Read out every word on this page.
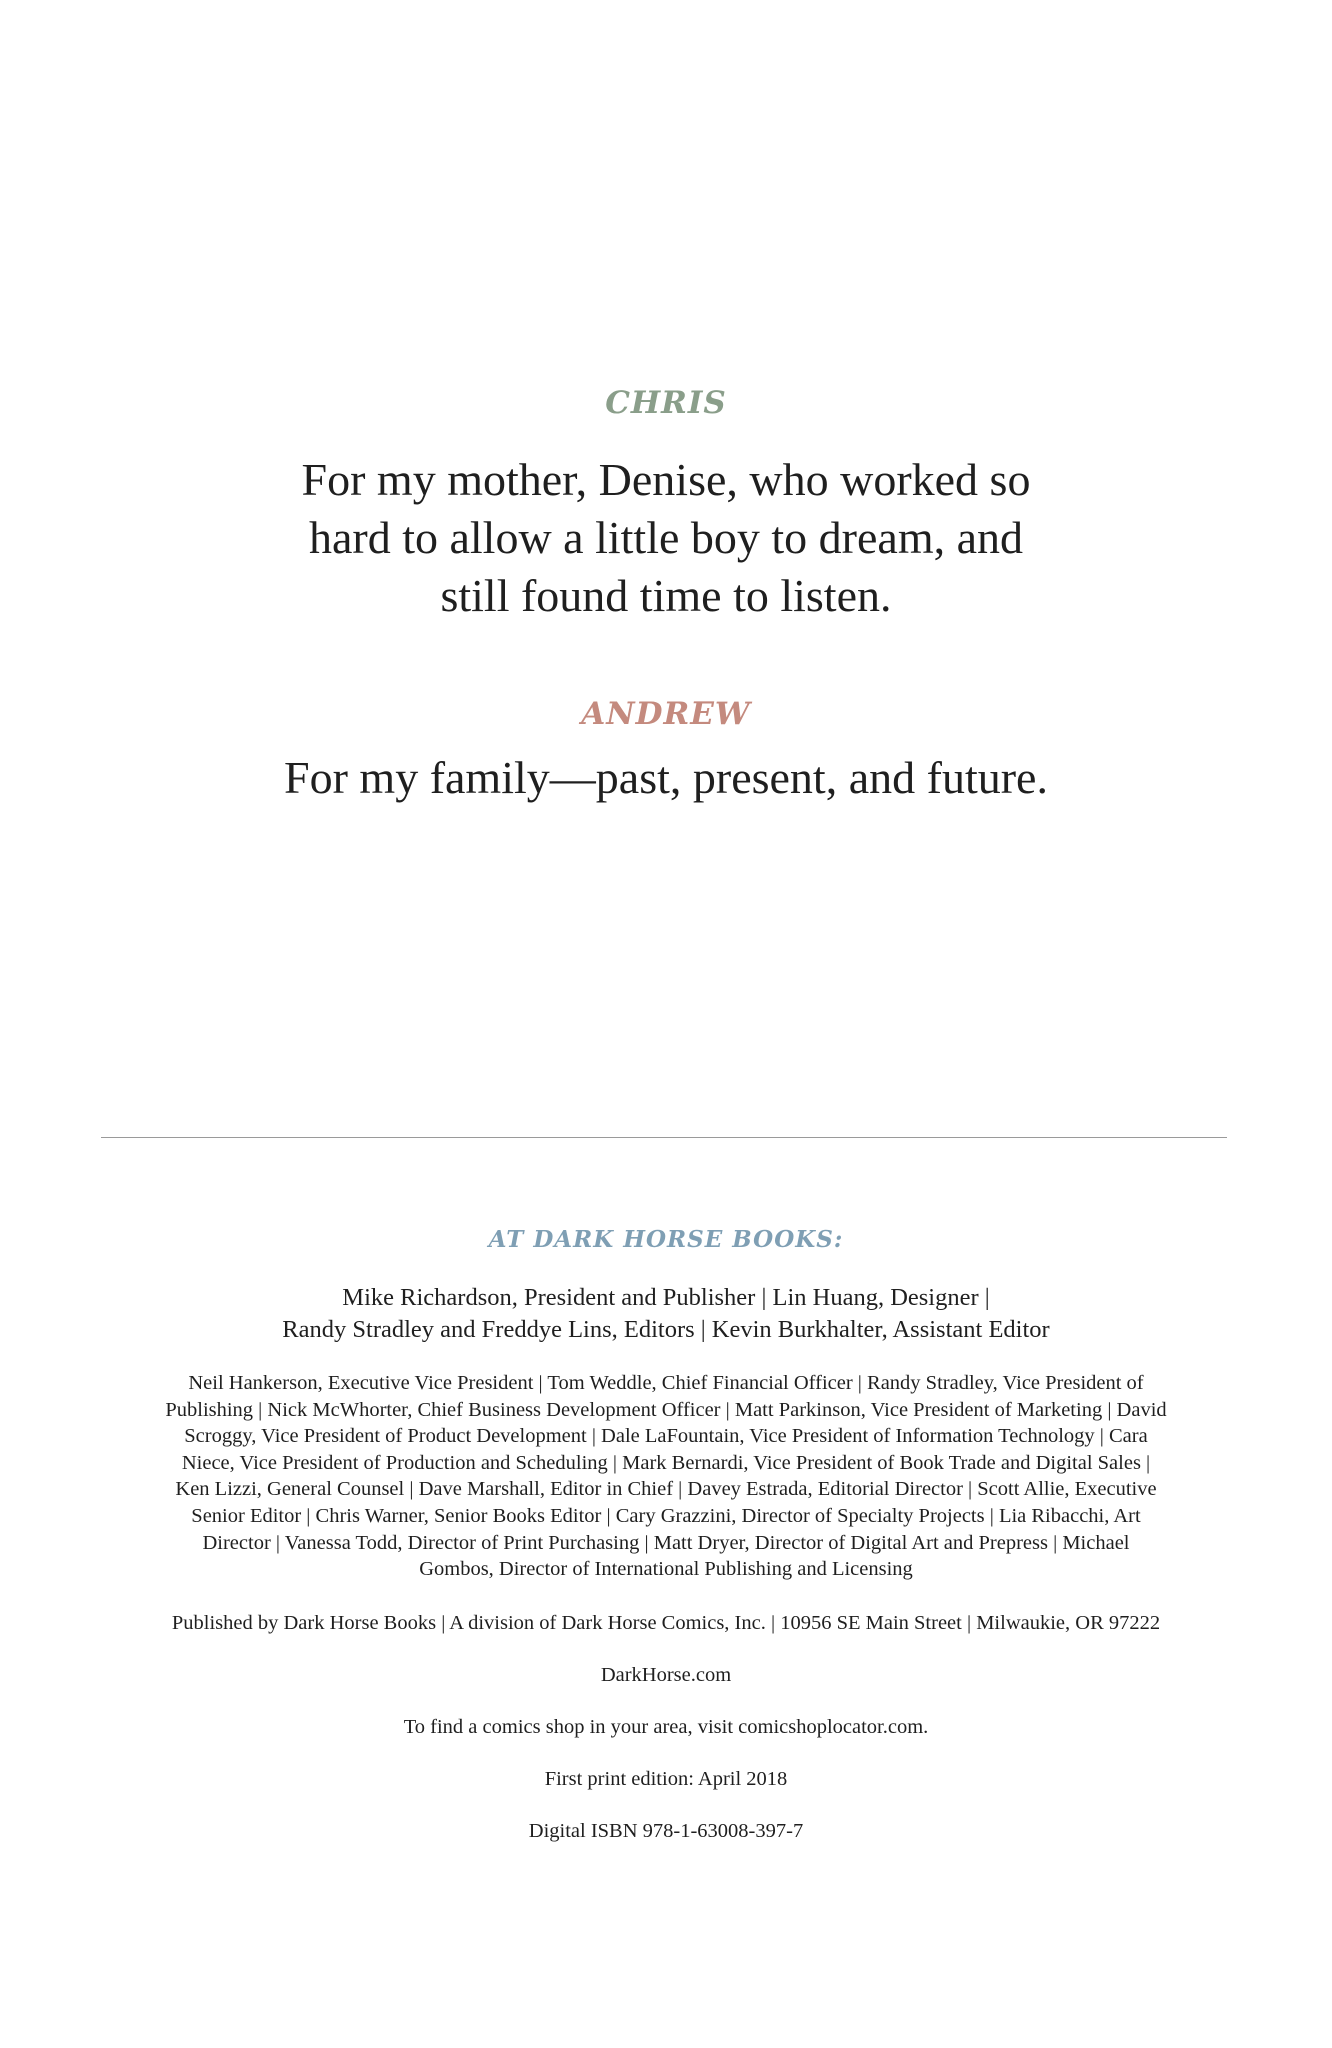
CHRIS
For my mother, Denise, who worked so
hard to allow a little boy to dream, and
still found time to listen.
ANDREW
For my family—past, present, and future.
AT DARK HORSE BOOKS:
Mike Richardson, President and Publisher | Lin Huang, Designer |
Randy Stradley and Freddye Lins, Editors | Kevin Burkhalter, Assistant Editor
Neil Hankerson, Executive Vice President | Tom Weddle, Chief Financial Officer | Randy Stradley, Vice President of
Publishing | Nick McWhorter, Chief Business Development Officer | Matt Parkinson, Vice President of Marketing | David
Scroggy, Vice President of Product Development | Dale LaFountain, Vice President of Information Technology | Cara
Niece, Vice President of Production and Scheduling | Mark Bernardi, Vice President of Book Trade and Digital Sales |
Ken Lizzi, General Counsel | Dave Marshall, Editor in Chief | Davey Estrada, Editorial Director | Scott Allie, Executive
Senior Editor | Chris Warner, Senior Books Editor | Cary Grazzini, Director of Specialty Projects | Lia Ribacchi, Art
Director | Vanessa Todd, Director of Print Purchasing | Matt Dryer, Director of Digital Art and Prepress | Michael
Gombos, Director of International Publishing and Licensing
Published by Dark Horse Books | A division of Dark Horse Comics, Inc. | 10956 SE Main Street | Milwaukie, OR 97222
DarkHorse.com
To find a comics shop in your area, visit comicshoplocator.com.
First print edition: April 2018
Digital ISBN 978-1-63008-397-7
